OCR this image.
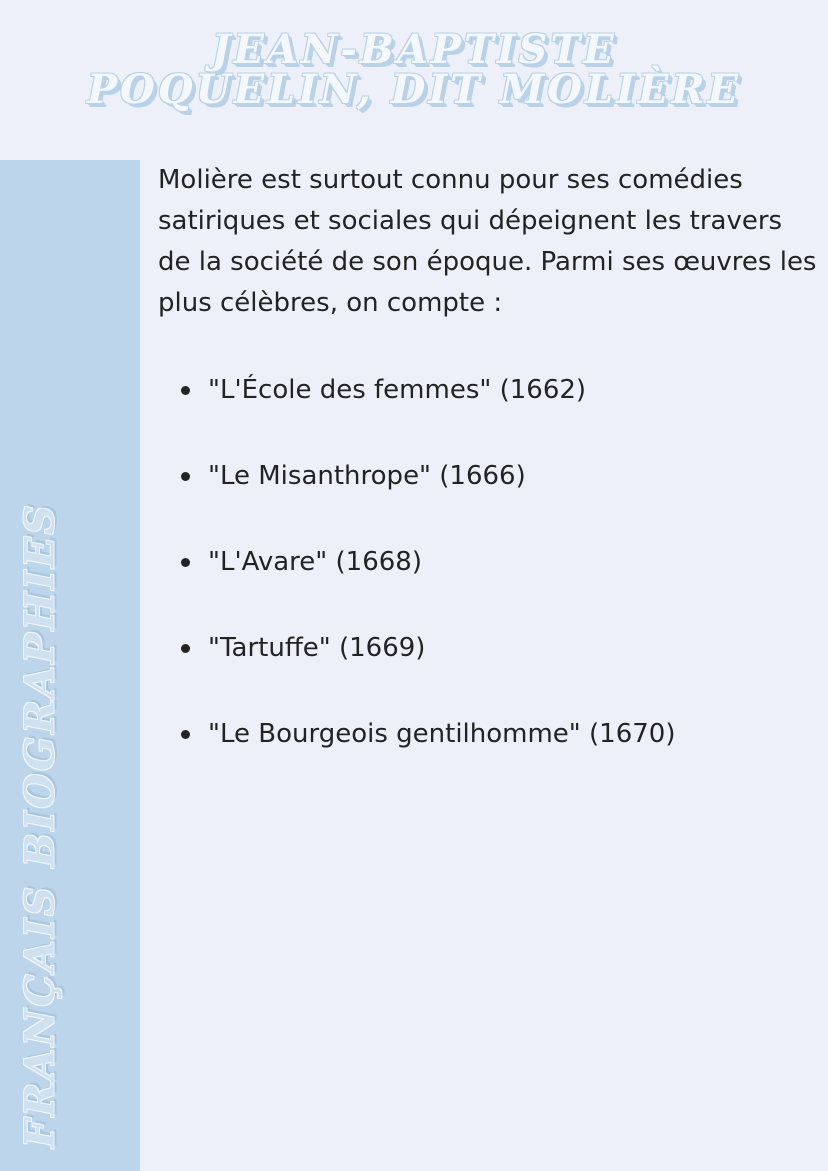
JEAN-BAPTISTE
POQUELIN, DIT MOLIÈRE
FRANÇAIS BIOGRAPHIES
Molière est surtout connu pour ses comédies satiriques et sociales qui dépeignent les travers de la société de son époque. Parmi ses œuvres les plus célèbres, on compte :
"L'École des femmes" (1662)
"Le Misanthrope" (1666)
"L'Avare" (1668)
"Tartuffe" (1669)
"Le Bourgeois gentilhomme" (1670)
